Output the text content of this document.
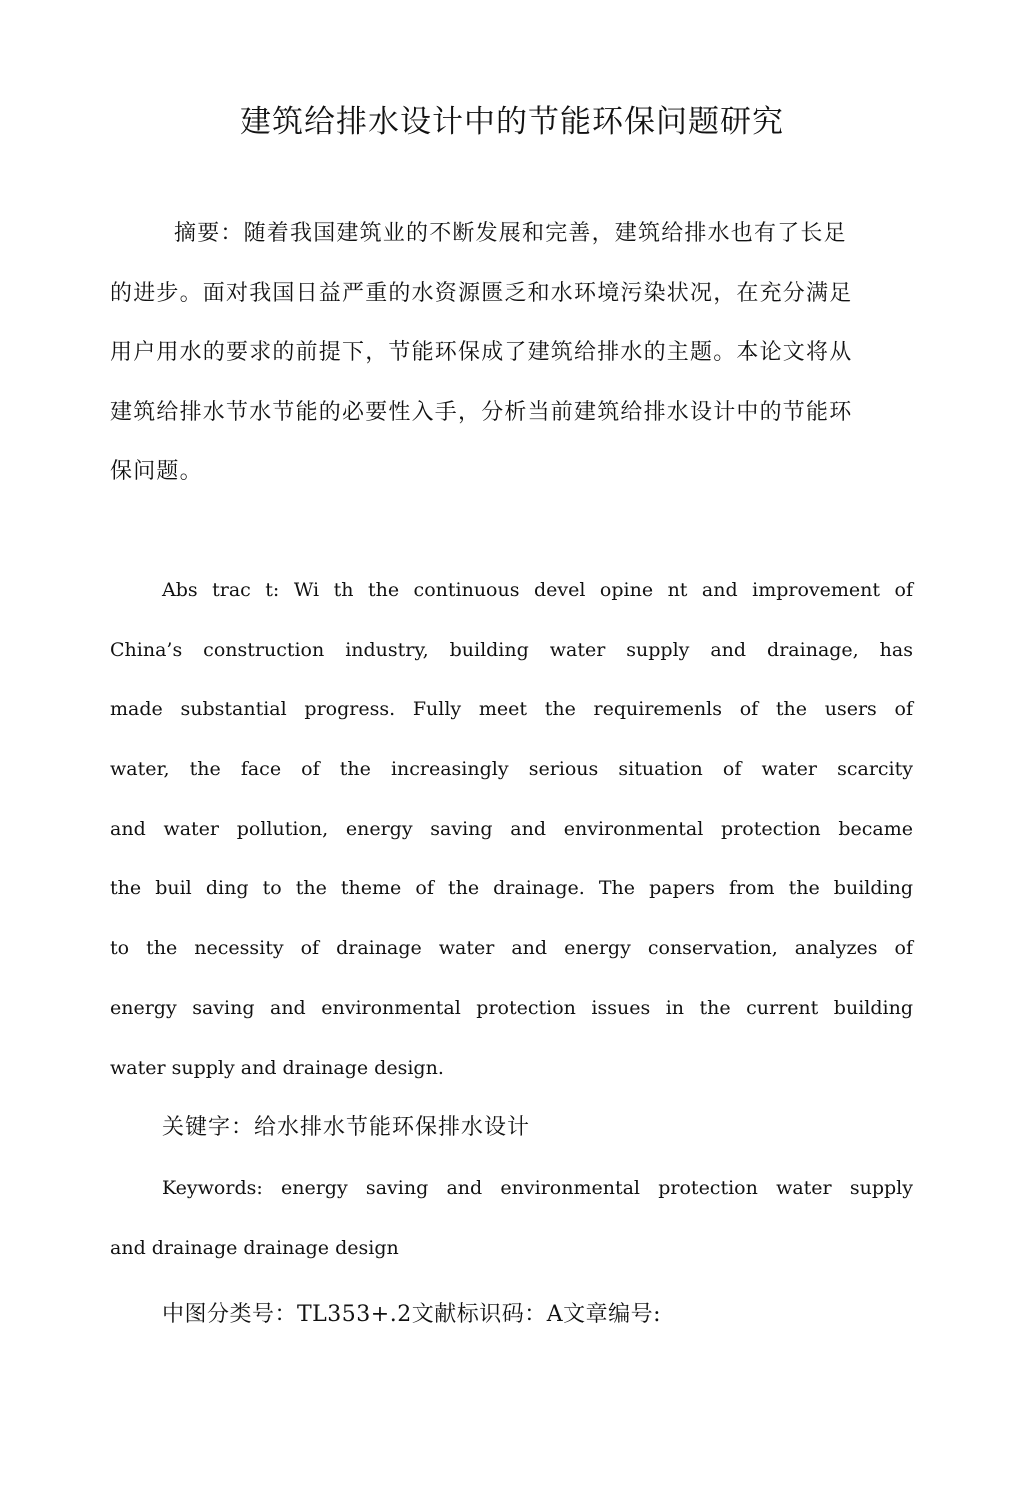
建筑给排水设计中的节能环保问题研究
摘要：随着我国建筑业的不断发展和完善，建筑给排水也有了长足
的进步。面对我国日益严重的水资源匮乏和水环境污染状况，在充分满足
用户用水的要求的前提下，节能环保成了建筑给排水的主题。本论文将从
建筑给排水节水节能的必要性入手，分析当前建筑给排水设计中的节能环
保问题。
Abs trac t: Wi th the continuous devel opine nt and improvement of
China’s construction industry, building water supply and drainage, has
made substantial progress. Fully meet the requiremenls of the users of
water, the face of the increasingly serious situation of water scarcity
and water pollution, energy saving and environmental protection became
the buil ding to the theme of the drainage. The papers from the building
to the necessity of drainage water and energy conservation, analyzes of
energy saving and environmental protection issues in the current building
water supply and drainage design.
关键字：给水排水节能环保排水设计
Keywords: energy saving and environmental protection water supply
and drainage drainage design
中图分类号：TL353+.2文献标识码：A文章编号:
